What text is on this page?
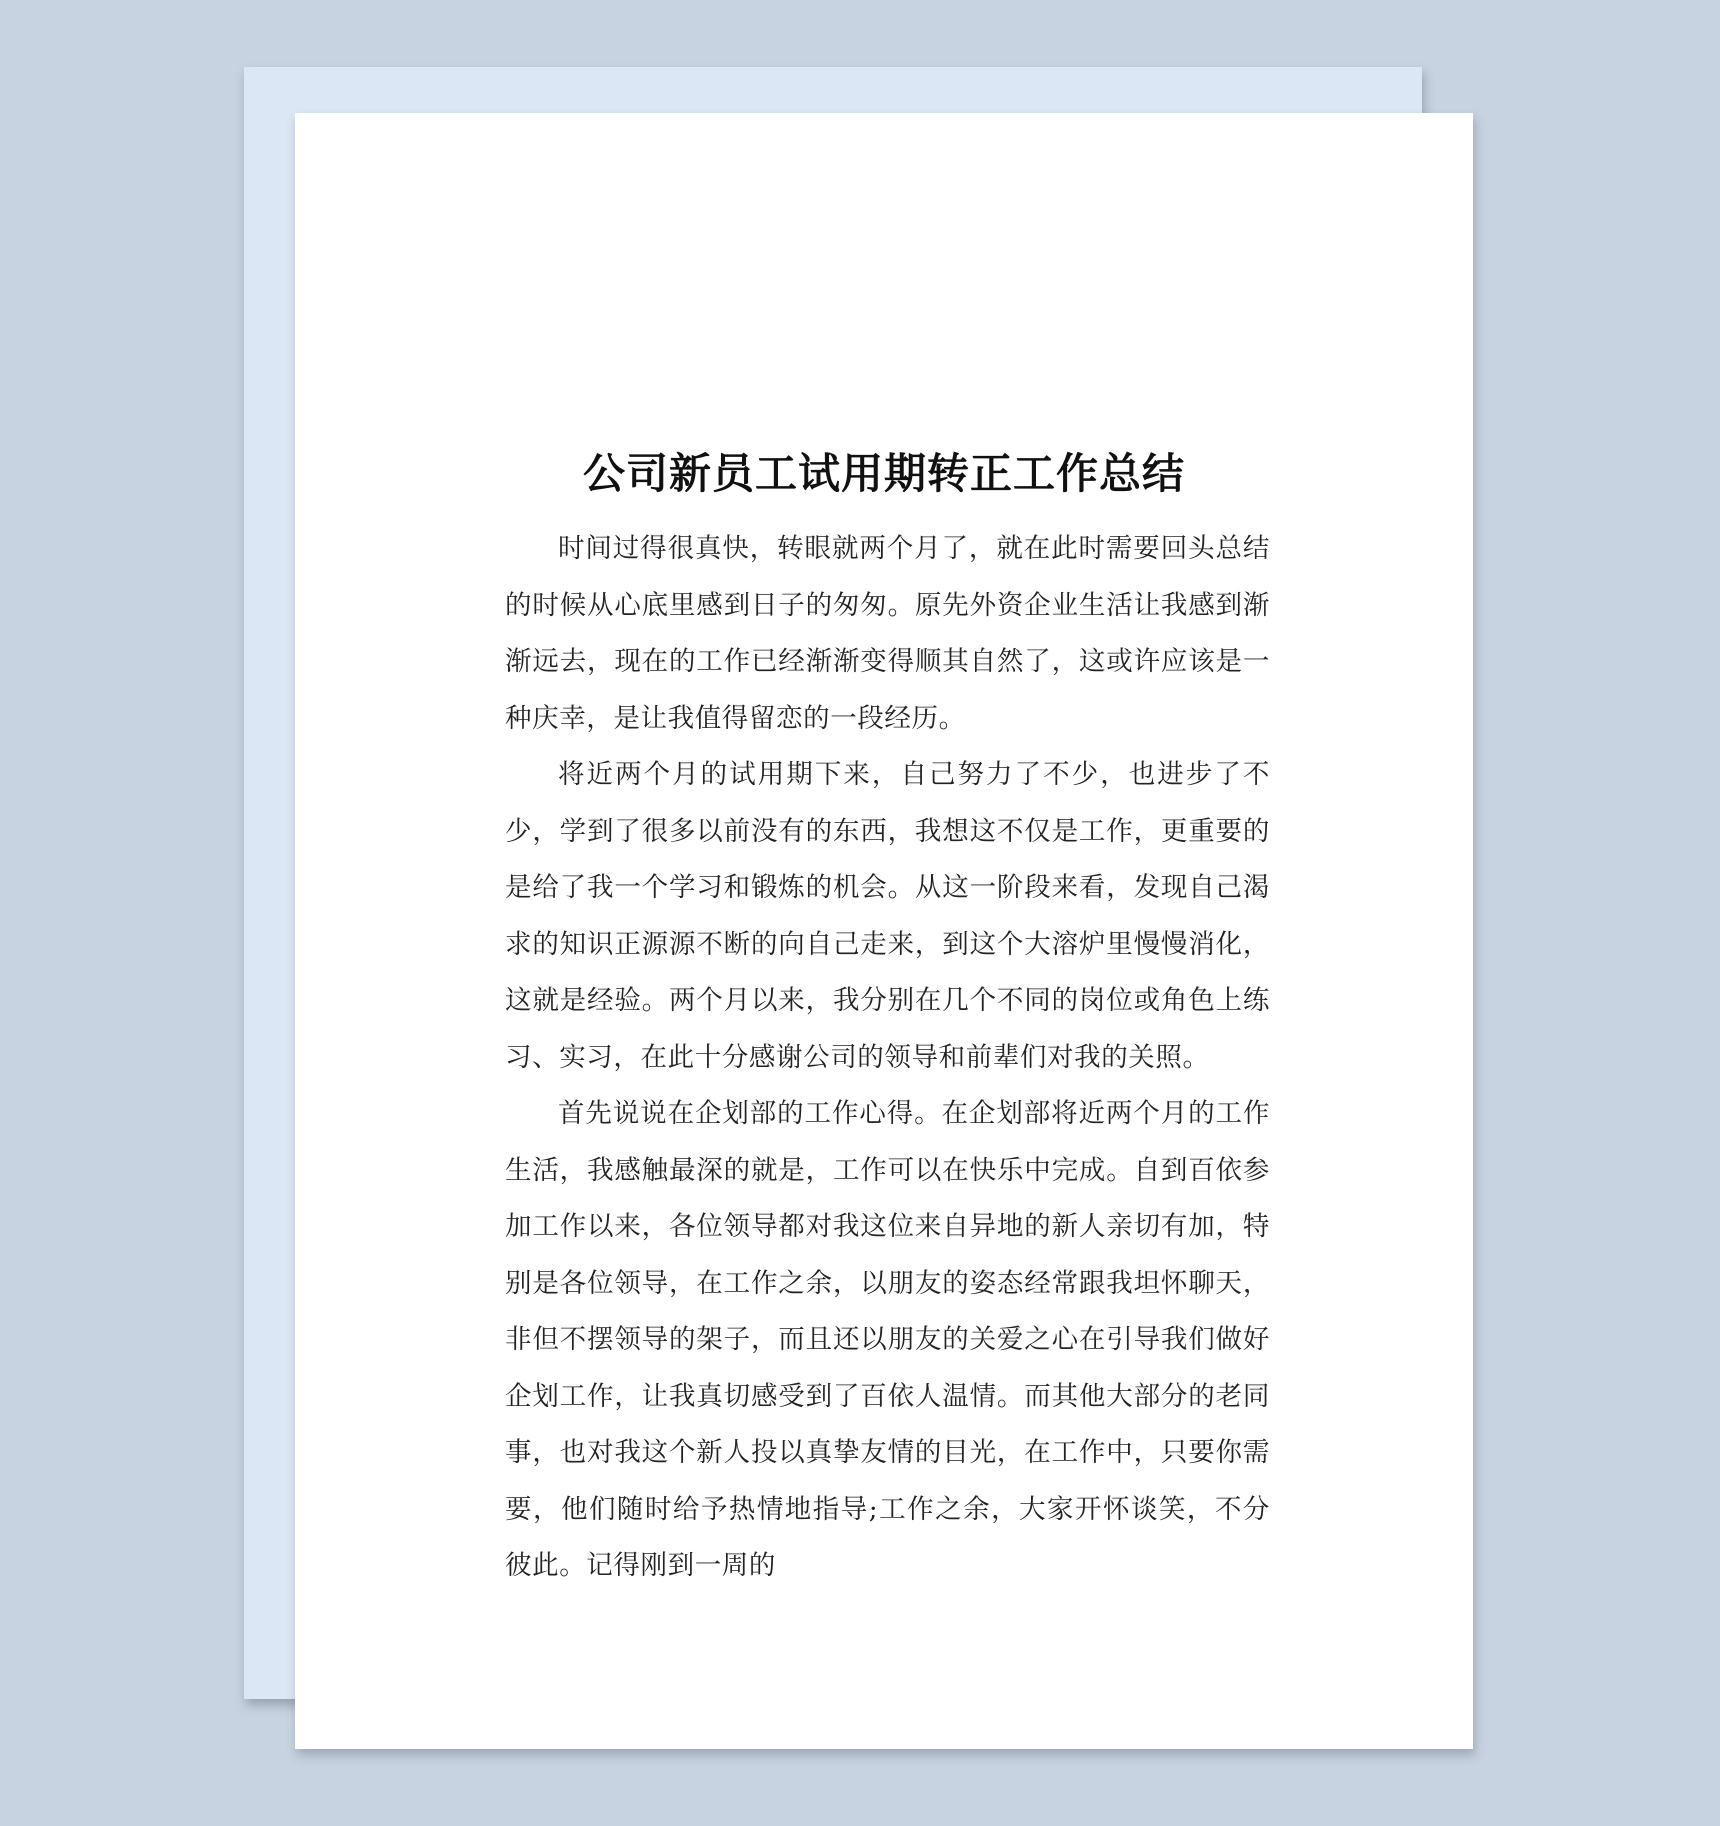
公司新员工试用期转正工作总结

时间过得很真快，转眼就两个月了，就在此时需要回头总结的时候从心底里感到日子的匆匆。原先外资企业生活让我感到渐渐远去，现在的工作已经渐渐变得顺其自然了，这或许应该是一种庆幸，是让我值得留恋的一段经历。

将近两个月的试用期下来，自己努力了不少，也进步了不少，学到了很多以前没有的东西，我想这不仅是工作，更重要的是给了我一个学习和锻炼的机会。从这一阶段来看，发现自己渴求的知识正源源不断的向自己走来，到这个大溶炉里慢慢消化，这就是经验。两个月以来，我分别在几个不同的岗位或角色上练习、实习，在此十分感谢公司的领导和前辈们对我的关照。

首先说说在企划部的工作心得。在企划部将近两个月的工作生活，我感触最深的就是，工作可以在快乐中完成。自到百依参加工作以来，各位领导都对我这位来自异地的新人亲切有加，特别是各位领导，在工作之余，以朋友的姿态经常跟我坦怀聊天，非但不摆领导的架子，而且还以朋友的关爱之心在引导我们做好企划工作，让我真切感受到了百依人温情。而其他大部分的老同事，也对我这个新人投以真挚友情的目光，在工作中，只要你需要，他们随时给予热情地指导;工作之余，大家开怀谈笑，不分彼此。记得刚到一周的
